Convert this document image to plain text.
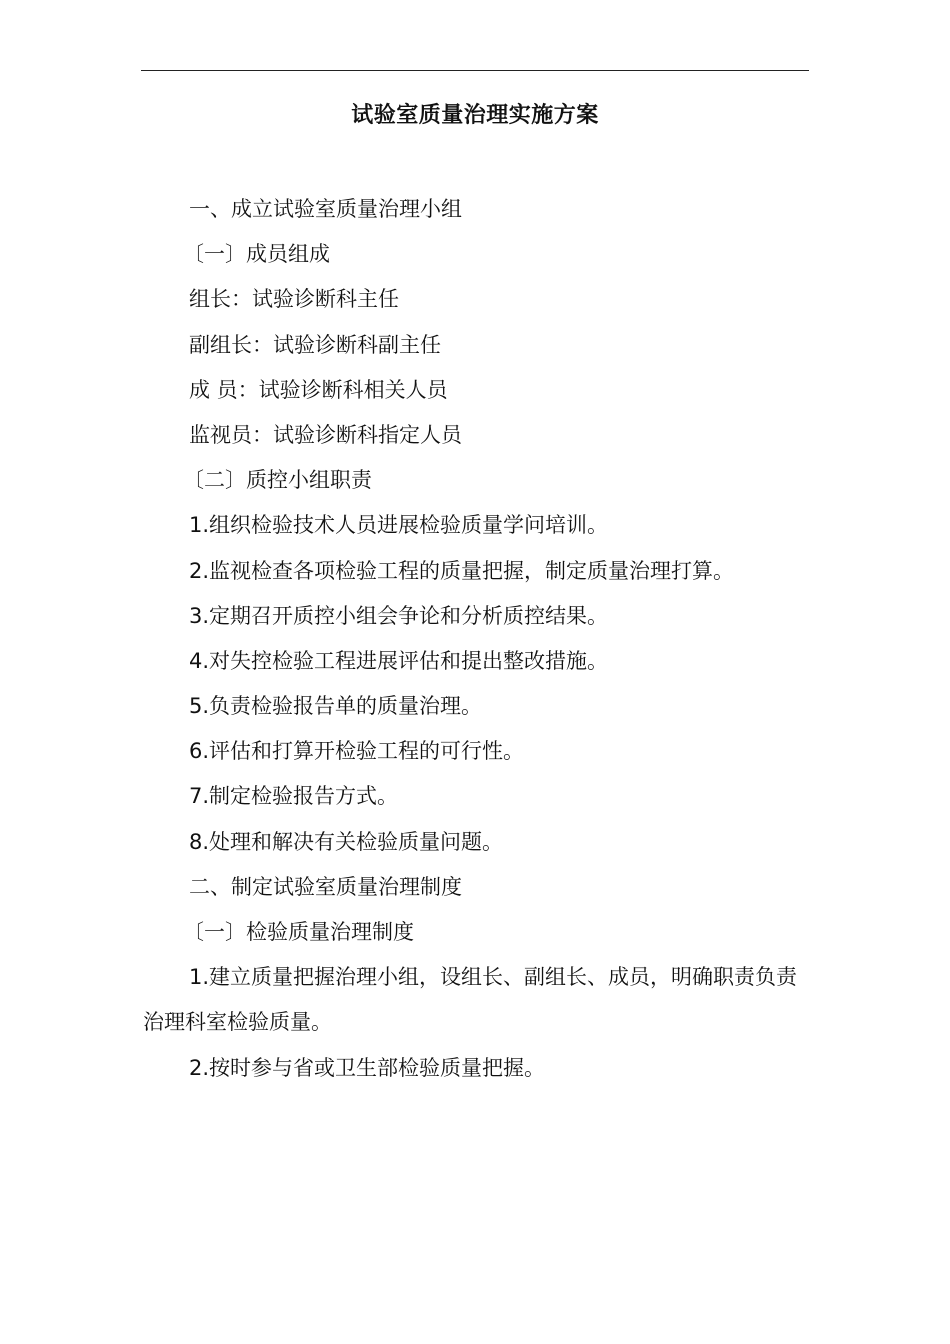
试验室质量治理实施方案
一、成立试验室质量治理小组
〔一〕成员组成
组长：试验诊断科主任
副组长：试验诊断科副主任
成 员：试验诊断科相关人员
监视员：试验诊断科指定人员
〔二〕质控小组职责
1.组织检验技术人员进展检验质量学问培训。
2.监视检查各项检验工程的质量把握，制定质量治理打算。
3.定期召开质控小组会争论和分析质控结果。
4.对失控检验工程进展评估和提出整改措施。
5.负责检验报告单的质量治理。
6.评估和打算开检验工程的可行性。
7.制定检验报告方式。
8.处理和解决有关检验质量问题。
二、制定试验室质量治理制度
〔一〕检验质量治理制度
1.建立质量把握治理小组，设组长、副组长、成员，明确职责负责治理科室检验质量。
2.按时参与省或卫生部检验质量把握。
